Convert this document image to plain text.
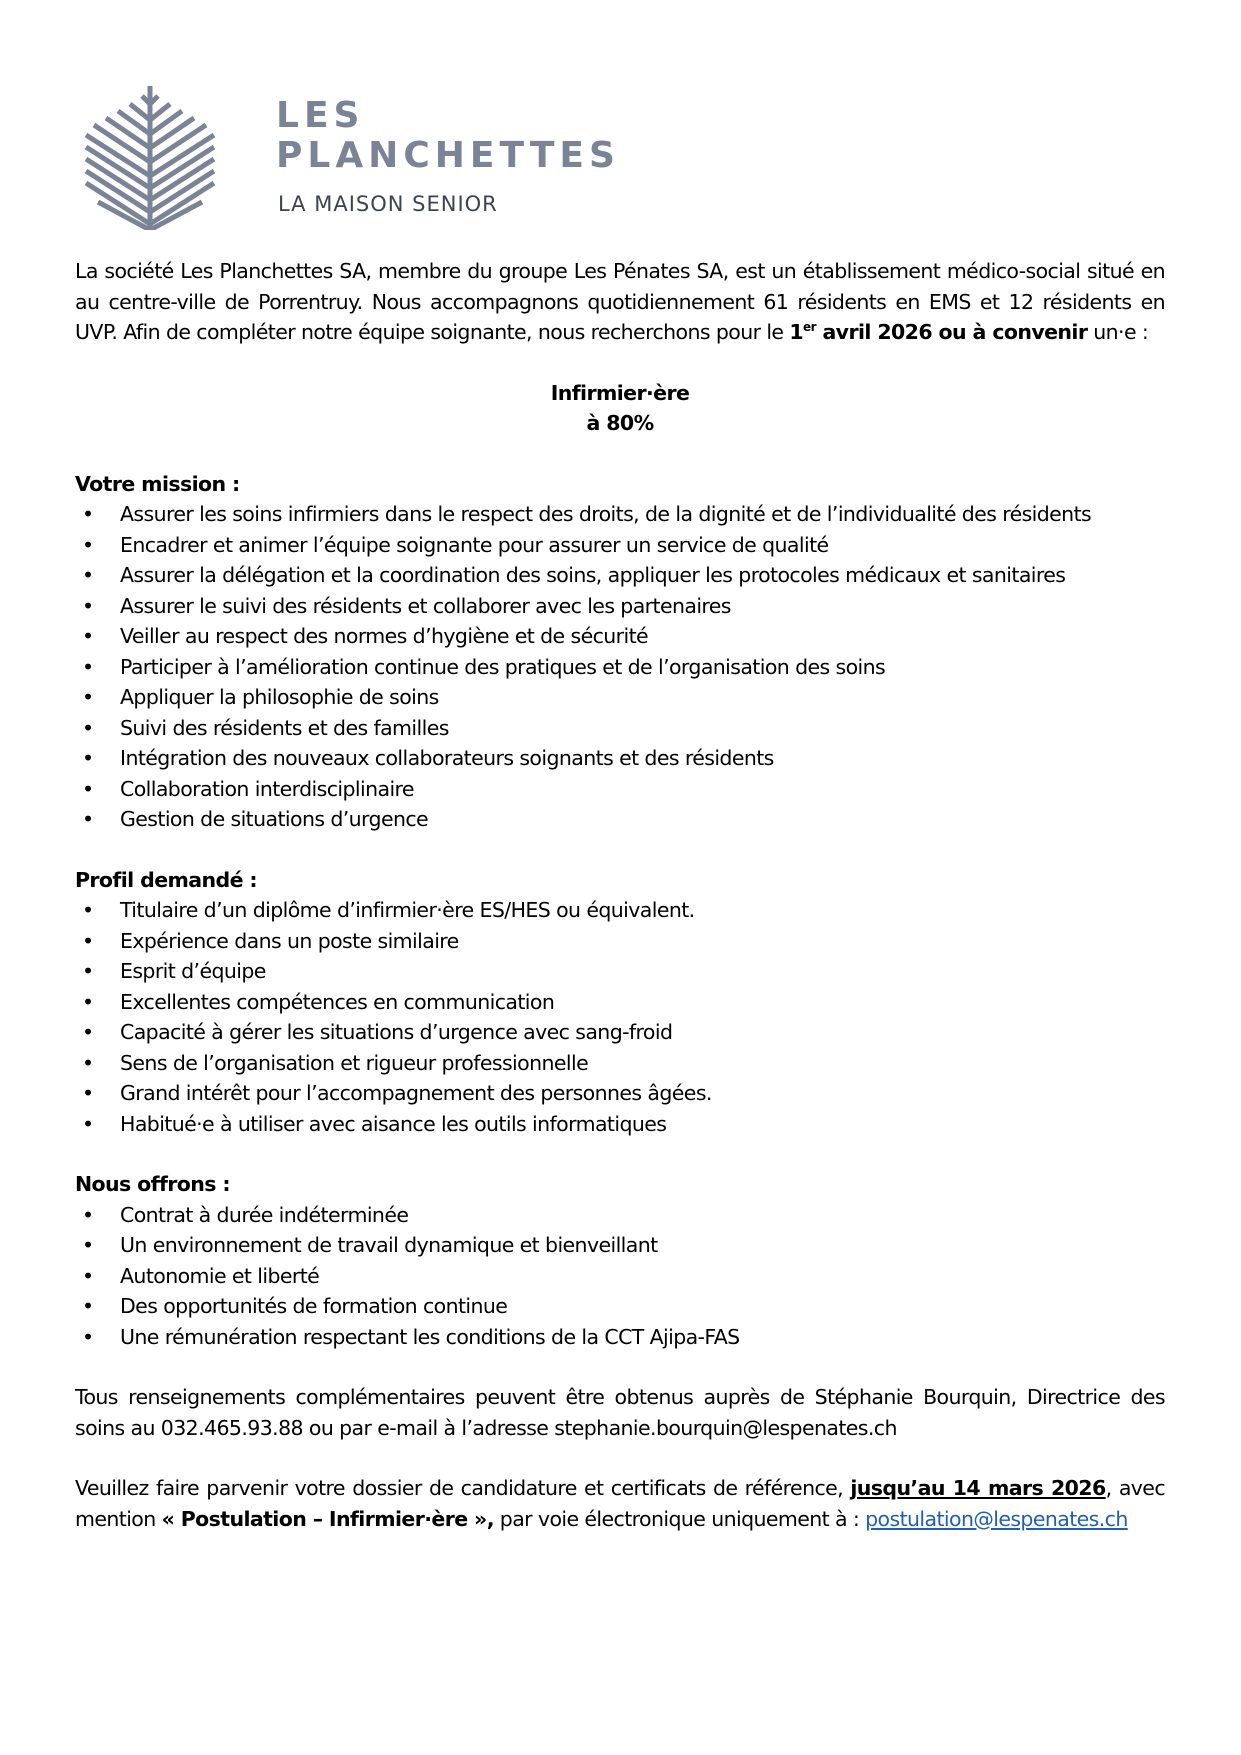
LES
PLANCHETTES
LA MAISON SENIOR

La société Les Planchettes SA, membre du groupe Les Pénates SA, est un établissement médico-social situé en au centre-ville de Porrentruy. Nous accompagnons quotidiennement 61 résidents en EMS et 12 résidents en UVP. Afin de compléter notre équipe soignante, nous recherchons pour le 1er avril 2026 ou à convenir un·e :

Infirmier·ère
à 80%

Votre mission :

• Assurer les soins infirmiers dans le respect des droits, de la dignité et de l’individualité des résidents
• Encadrer et animer l’équipe soignante pour assurer un service de qualité
• Assurer la délégation et la coordination des soins, appliquer les protocoles médicaux et sanitaires
• Assurer le suivi des résidents et collaborer avec les partenaires
• Veiller au respect des normes d’hygiène et de sécurité
• Participer à l’amélioration continue des pratiques et de l’organisation des soins
• Appliquer la philosophie de soins
• Suivi des résidents et des familles
• Intégration des nouveaux collaborateurs soignants et des résidents
• Collaboration interdisciplinaire
• Gestion de situations d’urgence

Profil demandé :

• Titulaire d’un diplôme d’infirmier·ère ES/HES ou équivalent.
• Expérience dans un poste similaire
• Esprit d’équipe
• Excellentes compétences en communication
• Capacité à gérer les situations d’urgence avec sang-froid
• Sens de l’organisation et rigueur professionnelle
• Grand intérêt pour l’accompagnement des personnes âgées.
• Habitué·e à utiliser avec aisance les outils informatiques

Nous offrons :

• Contrat à durée indéterminée
• Un environnement de travail dynamique et bienveillant
• Autonomie et liberté
• Des opportunités de formation continue
• Une rémunération respectant les conditions de la CCT Ajipa-FAS

Tous renseignements complémentaires peuvent être obtenus auprès de Stéphanie Bourquin, Directrice des soins au 032.465.93.88 ou par e-mail à l’adresse stephanie.bourquin@lespenates.ch

Veuillez faire parvenir votre dossier de candidature et certificats de référence, jusqu’au 14 mars 2026, avec mention « Postulation – Infirmier·ère », par voie électronique uniquement à : postulation@lespenates.ch
